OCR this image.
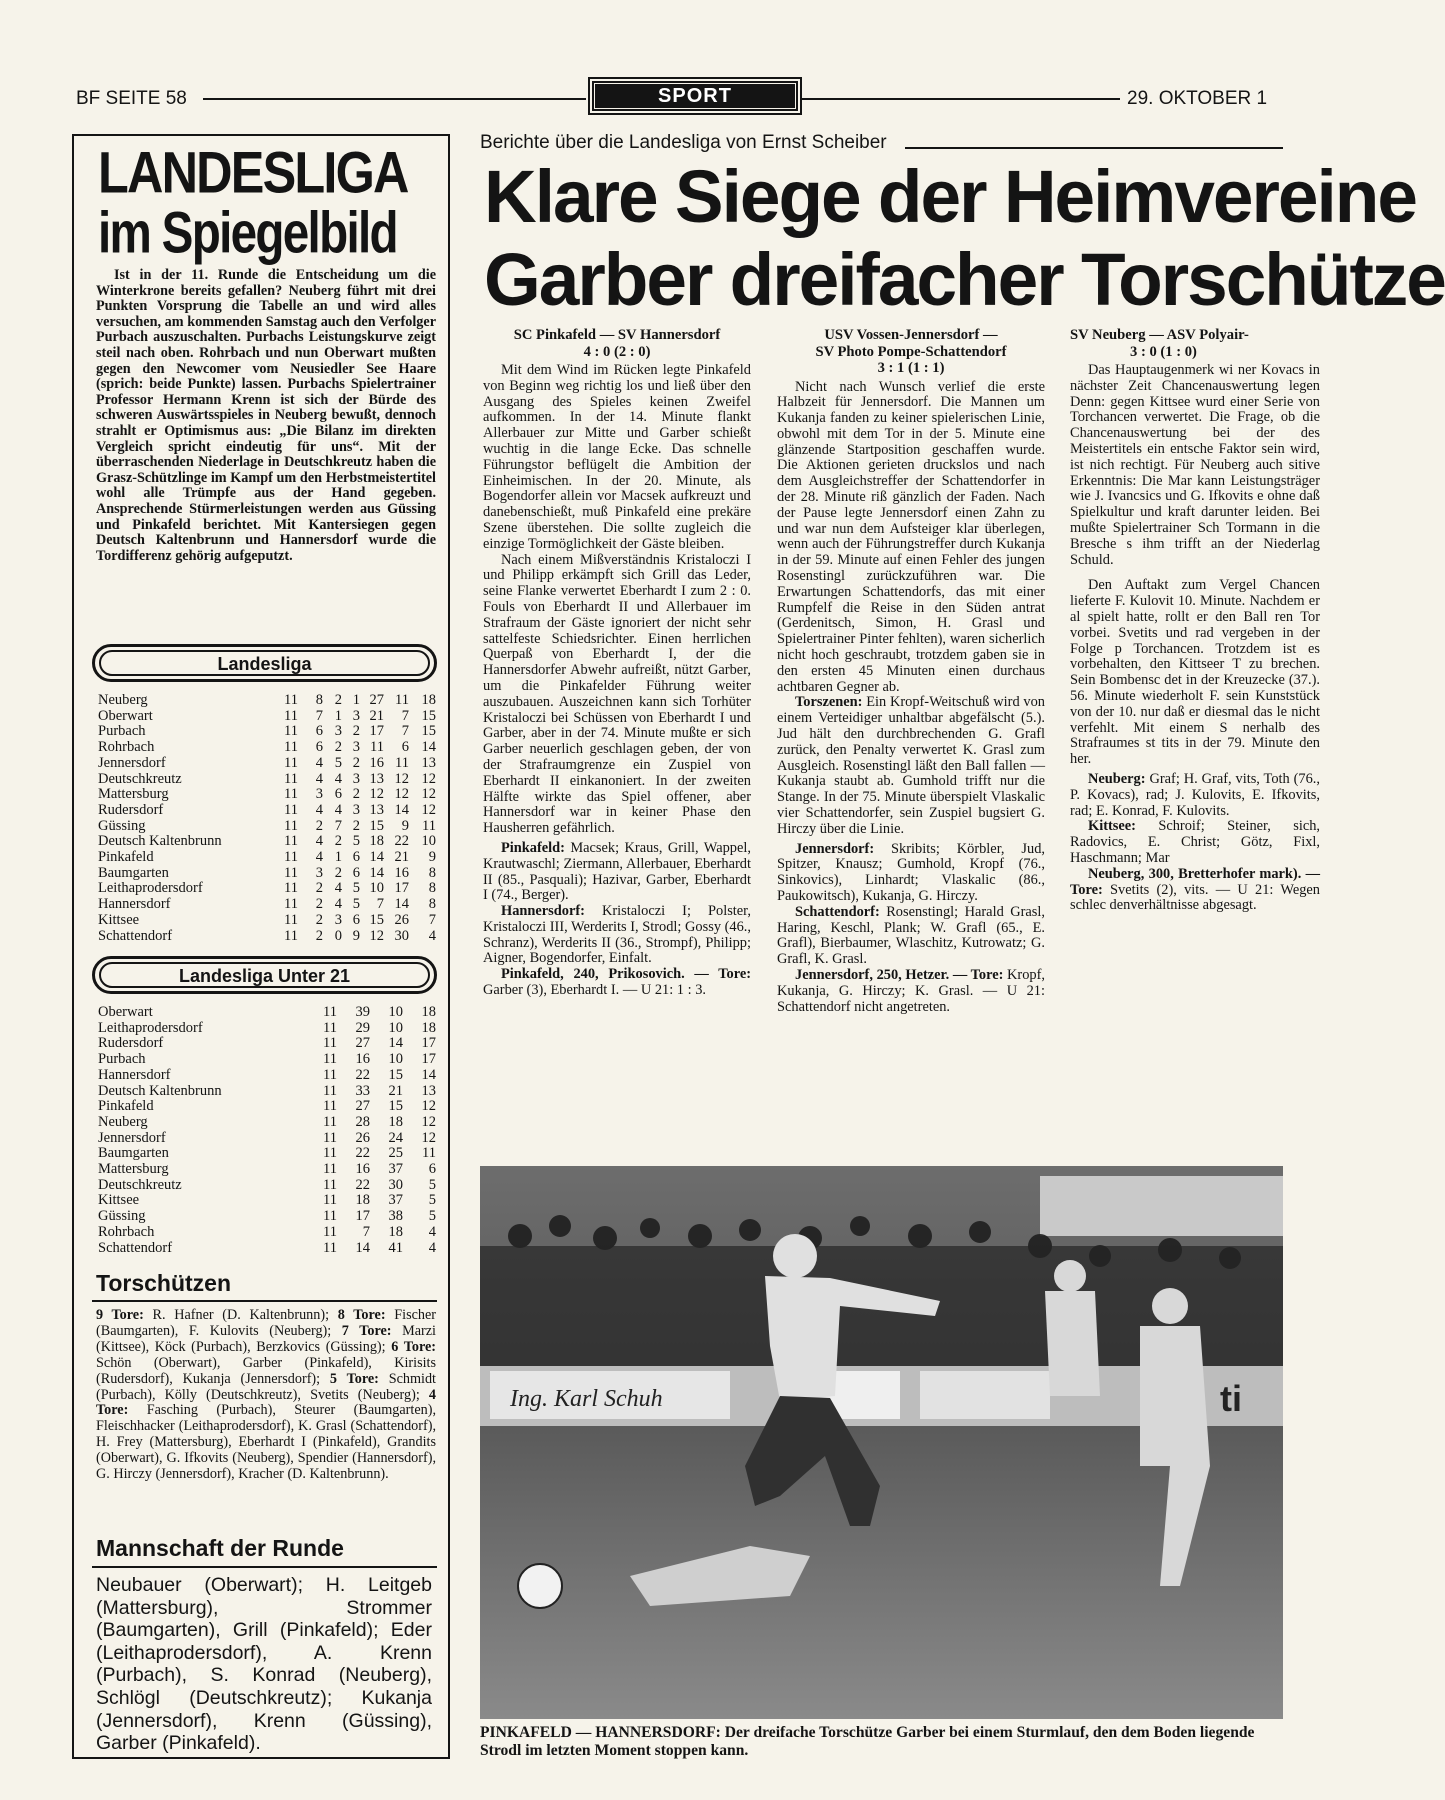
BF SEITE 58	SPORT	29. OKTOBER 1
LANDESLIGA
im Spiegelbild
Ist in der 11. Runde die Entscheidung um die Winterkrone bereits gefallen? Neuberg führt mit drei Punkten Vorsprung die Tabelle an und wird alles versuchen, am kommenden Samstag auch den Verfolger Purbach auszuschalten. Purbachs Leistungskurve zeigt steil nach oben. Rohrbach und nun Oberwart mußten gegen den Newcomer vom Neusiedler See Haare (sprich: beide Punkte) lassen. Purbachs Spielertrainer Professor Hermann Krenn ist sich der Bürde des schweren Auswärtsspieles in Neuberg bewußt, dennoch strahlt er Optimismus aus: „Die Bilanz im direkten Vergleich spricht eindeutig für uns“. Mit der überraschenden Niederlage in Deutschkreutz haben die Grasz-Schützlinge im Kampf um den Herbstmeistertitel wohl alle Trümpfe aus der Hand gegeben. Ansprechende Stürmerleistungen werden aus Güssing und Pinkafeld berichtet. Mit Kantersiegen gegen Deutsch Kaltenbrunn und Hannersdorf wurde die Tordifferenz gehörig aufgeputzt.
Landesliga
Neuberg	11	8	2	1	27	11	18
Oberwart	11	7	1	3	21	7	15
Purbach	11	6	3	2	17	7	15
Rohrbach	11	6	2	3	11	6	14
Jennersdorf	11	4	5	2	16	11	13
Deutschkreutz	11	4	4	3	13	12	12
Mattersburg	11	3	6	2	12	12	12
Rudersdorf	11	4	4	3	13	14	12
Güssing	11	2	7	2	15	9	11
Deutsch Kaltenbrunn	11	4	2	5	18	22	10
Pinkafeld	11	4	1	6	14	21	9
Baumgarten	11	3	2	6	14	16	8
Leithaprodersdorf	11	2	4	5	10	17	8
Hannersdorf	11	2	4	5	7	14	8
Kittsee	11	2	3	6	15	26	7
Schattendorf	11	2	0	9	12	30	4
Landesliga Unter 21
Oberwart	11	39	10	18
Leithaprodersdorf	11	29	10	18
Rudersdorf	11	27	14	17
Purbach	11	16	10	17
Hannersdorf	11	22	15	14
Deutsch Kaltenbrunn	11	33	21	13
Pinkafeld	11	27	15	12
Neuberg	11	28	18	12
Jennersdorf	11	26	24	12
Baumgarten	11	22	25	11
Mattersburg	11	16	37	6
Deutschkreutz	11	22	30	5
Kittsee	11	18	37	5
Güssing	11	17	38	5
Rohrbach	11	7	18	4
Schattendorf	11	14	41	4
Torschützen
9 Tore: R. Hafner (D. Kaltenbrunn); 8 Tore: Fischer (Baumgarten), F. Kulovits (Neuberg); 7 Tore: Marzi (Kittsee), Köck (Purbach), Berzkovics (Güssing); 6 Tore: Schön (Oberwart), Garber (Pinkafeld), Kirisits (Rudersdorf), Kukanja (Jennersdorf); 5 Tore: Schmidt (Purbach), Kölly (Deutschkreutz), Svetits (Neuberg); 4 Tore: Fasching (Purbach), Steurer (Baumgarten), Fleischhacker (Leithaprodersdorf), K. Grasl (Schattendorf), H. Frey (Mattersburg), Eberhardt I (Pinkafeld), Grandits (Oberwart), G. Ifkovits (Neuberg), Spendier (Hannersdorf), G. Hirczy (Jennersdorf), Kracher (D. Kaltenbrunn).
Mannschaft der Runde
Neubauer (Oberwart); H. Leitgeb (Mattersburg), Strommer (Baumgarten), Grill (Pinkafeld); Eder (Leithaprodersdorf), A. Krenn (Purbach), S. Konrad (Neuberg), Schlögl (Deutschkreutz); Kukanja (Jennersdorf), Krenn (Güssing), Garber (Pinkafeld).
Berichte über die Landesliga von Ernst Scheiber
Klare Siege der Heimvereine
Garber dreifacher Torschütze
SC Pinkafeld — SV Hannersdorf
4 : 0 (2 : 0)

Mit dem Wind im Rücken legte Pinkafeld von Beginn weg richtig los und ließ über den Ausgang des Spieles keinen Zweifel aufkommen. In der 14. Minute flankt Allerbauer zur Mitte und Garber schießt wuchtig in die lange Ecke. Das schnelle Führungstor beflügelt die Ambition der Einheimischen. In der 20. Minute, als Bogendorfer allein vor Macsek aufkreuzt und danebenschießt, muß Pinkafeld eine prekäre Szene überstehen. Die sollte zugleich die einzige Tormöglichkeit der Gäste bleiben.

Nach einem Mißverständnis Kristaloczi I und Philipp erkämpft sich Grill das Leder, seine Flanke verwertet Eberhardt I zum 2 : 0. Fouls von Eberhardt II und Allerbauer im Strafraum der Gäste ignoriert der nicht sehr sattelfeste Schiedsrichter. Einen herrlichen Querpaß von Eberhardt I, der die Hannersdorfer Abwehr aufreißt, nützt Garber, um die Pinkafelder Führung weiter auszubauen. Auszeichnen kann sich Torhüter Kristaloczi bei Schüssen von Eberhardt I und Garber, aber in der 74. Minute mußte er sich Garber neuerlich geschlagen geben, der von der Strafraumgrenze ein Zuspiel von Eberhardt II einkanoniert. In der zweiten Hälfte wirkte das Spiel offener, aber Hannersdorf war in keiner Phase den Hausherren gefährlich.

Pinkafeld: Macsek; Kraus, Grill, Wappel, Krautwaschl; Ziermann, Allerbauer, Eberhardt II (85., Pasquali); Hazivar, Garber, Eberhardt I (74., Berger).

Hannersdorf: Kristaloczi I; Polster, Kristaloczi III, Werderits I, Strodl; Gossy (46., Schranz), Werderits II (36., Strompf), Philipp; Aigner, Bogendorfer, Einfalt.

Pinkafeld, 240, Prikosovich. — Tore: Garber (3), Eberhardt I. — U 21: 1 : 3.

USV Vossen-Jennersdorf —
SV Photo Pompe-Schattendorf
3 : 1 (1 : 1)

Nicht nach Wunsch verlief die erste Halbzeit für Jennersdorf. Die Mannen um Kukanja fanden zu keiner spielerischen Linie, obwohl mit dem Tor in der 5. Minute eine glänzende Startposition geschaffen wurde. Die Aktionen gerieten druckslos und nach dem Ausgleichstreffer der Schattendorfer in der 28. Minute riß gänzlich der Faden. Nach der Pause legte Jennersdorf einen Zahn zu und war nun dem Aufsteiger klar überlegen, wenn auch der Führungstreffer durch Kukanja in der 59. Minute auf einen Fehler des jungen Rosenstingl zurückzuführen war. Die Erwartungen Schattendorfs, das mit einer Rumpfelf die Reise in den Süden antrat (Gerdenitsch, Simon, H. Grasl und Spielertrainer Pinter fehlten), waren sicherlich nicht hoch geschraubt, trotzdem gaben sie in den ersten 45 Minuten einen durchaus achtbaren Gegner ab.

Torszenen: Ein Kropf-Weitschuß wird von einem Verteidiger unhaltbar abgefälscht (5.). Jud hält den durchbrechenden G. Grafl zurück, den Penalty verwertet K. Grasl zum Ausgleich. Rosenstingl läßt den Ball fallen — Kukanja staubt ab. Gumhold trifft nur die Stange. In der 75. Minute überspielt Vlaskalic vier Schattendorfer, sein Zuspiel bugsiert G. Hirczy über die Linie.

Jennersdorf: Skribits; Körbler, Jud, Spitzer, Knausz; Gumhold, Kropf (76., Sinkovics), Linhardt; Vlaskalic (86., Paukowitsch), Kukanja, G. Hirczy.

Schattendorf: Rosenstingl; Harald Grasl, Haring, Keschl, Plank; W. Grafl (65., E. Grafl), Bierbaumer, Wlaschitz, Kutrowatz; G. Grafl, K. Grasl.

Jennersdorf, 250, Hetzer. — Tore: Kropf, Kukanja, G. Hirczy; K. Grasl. — U 21: Schattendorf nicht angetreten.

SV Neuberg — ASV Polyair-
3 : 0 (1 : 0)

Das Hauptaugenmerk wi ner Kovacs in nächster Zeit Chancenauswertung legen Denn: gegen Kittsee wurd einer Serie von Torchancen verwertet. Die Frage, ob die Chancenauswertung bei der des Meistertitels ein entsche Faktor sein wird, ist nich rechtigt. Für Neuberg auch sitive Erkenntnis: Die Mar kann Leistungsträger wie J. Ivancsics und G. Ifkovits e ohne daß Spielkultur und kraft darunter leiden. Bei mußte Spielertrainer Sch Tormann in die Bresche s ihm trifft an der Niederlag Schuld.

Den Auftakt zum Vergel Chancen lieferte F. Kulovit 10. Minute. Nachdem er al spielt hatte, rollt er den Ball ren Tor vorbei. Svetits und rad vergeben in der Folge p Torchancen. Trotzdem ist es vorbehalten, den Kittseer T zu brechen. Sein Bombensc det in der Kreuzecke (37.). 56. Minute wiederholt F. sein Kunststück von der 10. nur daß er diesmal das le nicht verfehlt. Mit einem S nerhalb des Strafraumes st tits in der 79. Minute den her.

Neuberg: Graf; H. Graf, vits, Toth (76., P. Kovacs), rad; J. Kulovits, E. Ifkovits, rad; E. Konrad, F. Kulovits.

Kittsee: Schroif; Steiner, sich, Radovics, E. Christ; Götz, Fixl, Haschmann; Mar

Neuberg, 300, Bretterhofer mark). — Tore: Svetits (2), vits. — U 21: Wegen schlec denverhältnisse abgesagt.

Ing. Karl Schuh	ti
PINKAFELD — HANNERSDORF: Der dreifache Torschütze Garber bei einem Sturmlauf, den dem Boden liegende Strodl im letzten Moment stoppen kann.
